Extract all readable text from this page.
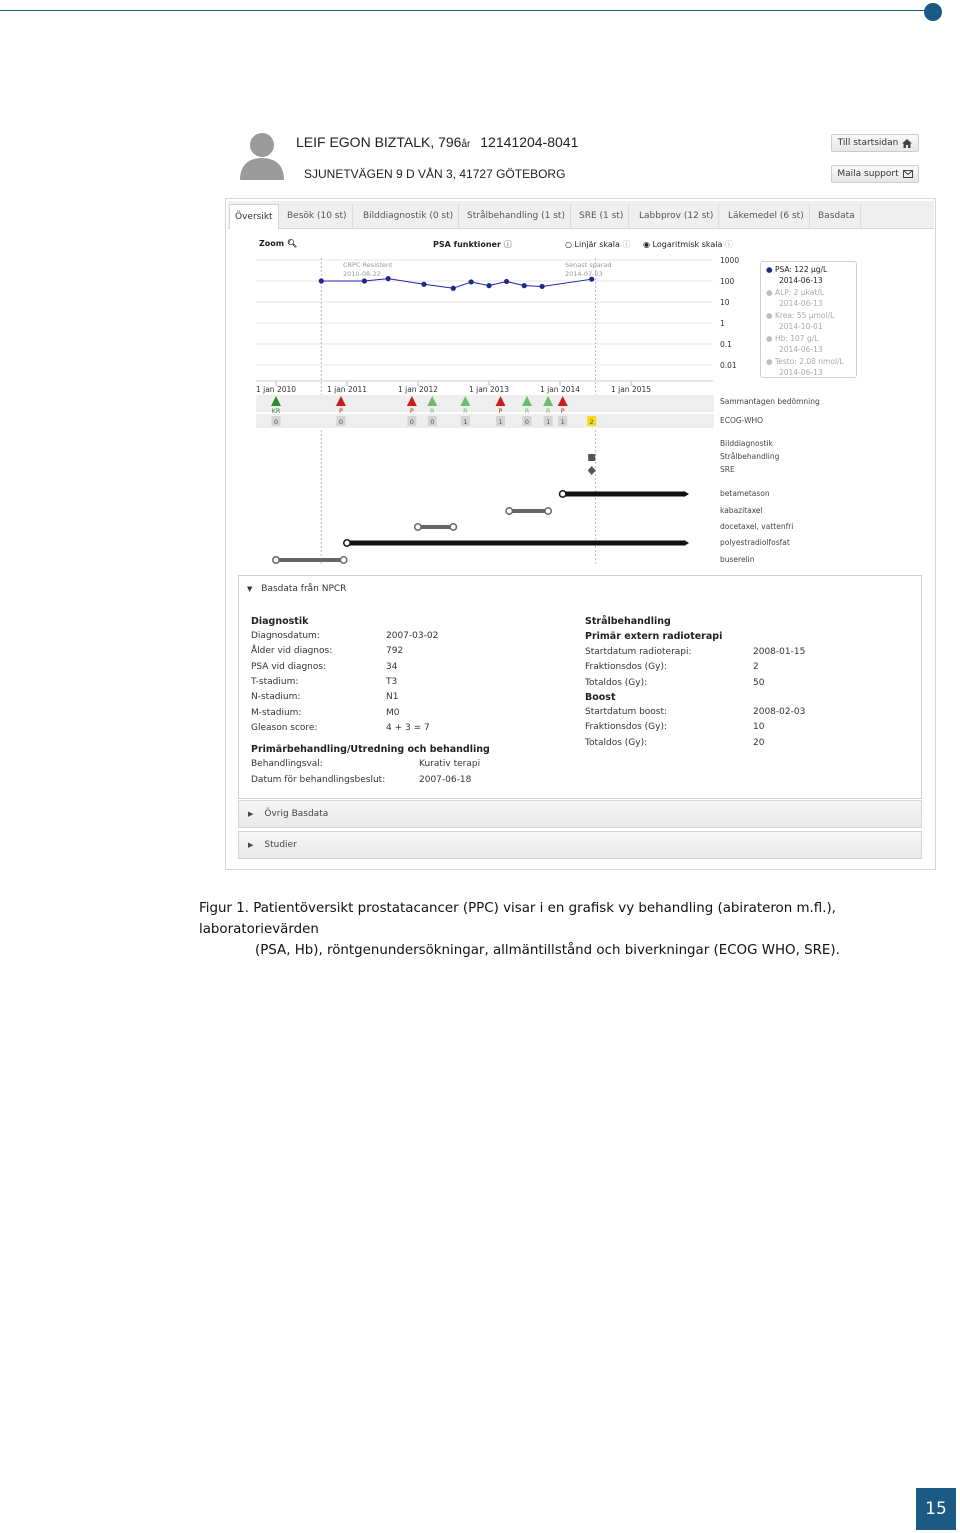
LEIF EGON BIZTALK, 796år 12141204-8041
SJUNETVÄGEN 9 D VÅN 3, 41727 GÖTEBORG
Till startsidan
Maila support
Översikt	Besök (10 st)	Bilddiagnostik (0 st)	Strålbehandling (1 st)	SRE (1 st)	Labbprov (12 st)	Läkemedel (6 st)	Basdata
Zoom 🔍︎	PSA funktioner ⓘ	○ Linjär skala ⓘ ◉ Logaritmisk skala ⓘ
1000
100
10
1
0.1
0.01
1 jan 2010	1 jan 2011	1 jan 2012	1 jan 2013	1 jan 2014	1 jan 2015
KR
0
P
0
P
0
R
0
R
1
P
1
R
0
R
1
P
1	2
CRPC Resistent
2010-08-22
Senast sparad
2014-07-03	● PSA: 122 µg/L
2014-06-13
● ALP: 2 µkat/L
2014-06-13
● Krea: 55 µmol/L
2014-10-01
● Hb: 107 g/L
2014-06-13
● Testo: 2.08 nmol/L
2014-06-13
Sammantagen bedömning
ECOG-WHO
Bilddiagnostik
Strålbehandling
SRE
betametason
kabazitaxel
docetaxel, vattenfri
polyestradiolfosfat
buserelin
▼ Basdata från NPCR
Diagnostik
Diagnosdatum:	2007-03-02
Ålder vid diagnos:	792
PSA vid diagnos:	34
T-stadium:	T3
N-stadium:	N1
M-stadium:	M0
Gleason score:	4 + 3 = 7
Primärbehandling/Utredning och behandling
Behandlingsval:	Kurativ terapi
Datum för behandlingsbeslut:	2007-06-18
Strålbehandling
Primär extern radioterapi
Startdatum radioterapi:	2008-01-15
Fraktionsdos (Gy):	2
Totaldos (Gy):	50
Boost
Startdatum boost:	2008-02-03
Fraktionsdos (Gy):	10
Totaldos (Gy):	20
▶ Övrig Basdata
▶ Studier
Figur 1. Patientöversikt prostatacancer (PPC) visar i en grafisk vy behandling (abirateron m.fl.), laboratorievärden
(PSA, Hb), röntgenundersökningar, allmäntillstånd och biverkningar (ECOG WHO, SRE).
15
